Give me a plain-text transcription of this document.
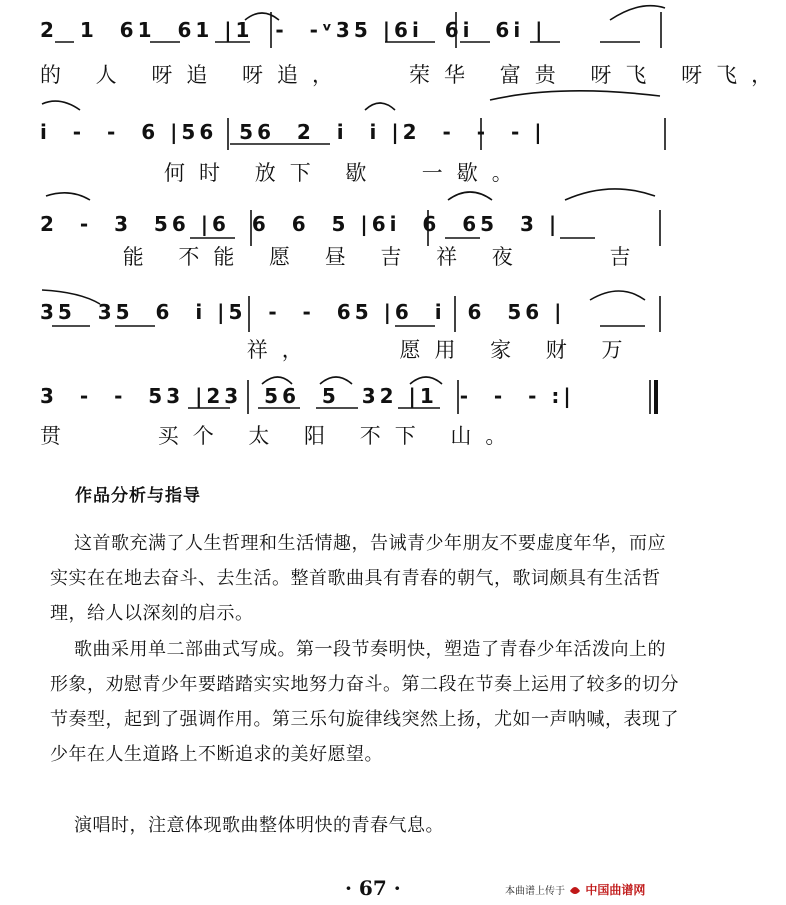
2  1  61  61 |1  -  -ᵛ35 |6i  6i  6i |
的 人 呀追 呀追，   荣华 富贵 呀飞 呀飞，
i  -  -  6 |56  56  2  i  i |2  -  -  - |
何时 放下 歇  一歇。
2  -  3  56 |6  6  6  5 |6i  6  65  3 |
能 不能 愿 昼 吉 祥 夜    吉
35  35  6  i |5  -  -  65 |6  i  6  56 |
祥，    愿用 家 财 万
3  -  -  53 |23  56  5  32 |1  -  -  - :|
贯    买个 太 阳 不下 山。
作品分析与指导

这首歌充满了人生哲理和生活情趣，告诫青少年朋友不要虚度年华，而应实实在在地去奋斗、去生活。整首歌曲具有青春的朝气，歌词颇具有生活哲理，给人以深刻的启示。

歌曲采用单二部曲式写成。第一段节奏明快，塑造了青春少年活泼向上的形象，劝慰青少年要踏踏实实地努力奋斗。第二段在节奏上运用了较多的切分节奏型，起到了强调作用。第三乐句旋律线突然上扬，尤如一声呐喊，表现了少年在人生道路上不断追求的美好愿望。

演唱时，注意体现歌曲整体明快的青春气息。

· 67 ·	本曲谱上传于 中国曲谱网
